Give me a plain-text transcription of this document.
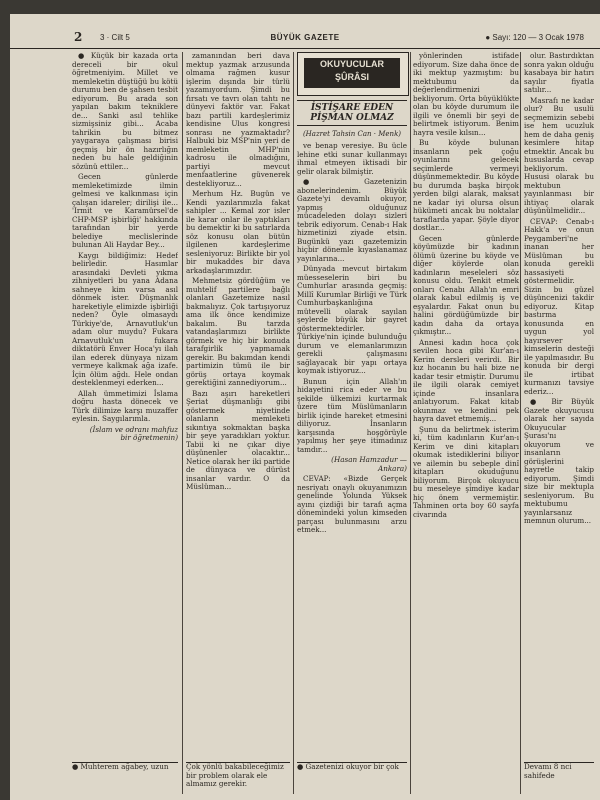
2 3 · Cilt 5	BÜYÜK GAZETE	● Sayı: 120 — 3 Ocak 1978

● Küçük bir kazada orta dereceli bir okul öğretmeniyim. Millet ve memleketin düştüğü bu kötü durumu ben de şahsen tesbit ediyorum. Bu arada son yapılan bakım tekniklere de... Sanki asıl tehlike sizmişsiniz gibi... Acaba tahrikin bu bitmez yaygaraya çalışması birisi geçmiş bir ön hazırlığın neden bu hale geldiğinin sözünü ettiler...

Gecen günlerde memleketimizde ilmin gelmesi ve kalkınması için çalışan idareler; dirilişi ile... 'Irmit ve Karamürsel'de CHP-MSP işbirliği' hakkında tarafından bir yerde belediye meclislerinde bulunan Ali Haydar Bey...

Kaygı bildiğimiz: Hedef belirledir. Hasımlar arasındaki Devleti yıkma zihniyetleri bu yana Adana sahneye kim varsa asıl dönmek ister. Düşmanlık hareketiyle elimizde işbirliği neden? Öyle olmasaydı Türkiye'de, Arnavutluk'un adam olur muydu? Fukara Arnavutluk'un fukara diktatörü Enver Hoca'yı ilah ilan ederek dünyaya nizam vermeye kalkmak ağa izafe. İçin ölüm ağdı. Hele ondan desteklenmeyi ederken...

Allah ümmetimizi İslama doğru hasta dönecek ve Türk dilimize karşı muzaffer eylesin. Saygılarımla.

(İslam ve odranı mahfuz bir öğretmenin)

zamanından beri dava mektup yazmak arzusunda olmama rağmen kusur işlerim dışında bir türlü yazamıyordum. Şimdi bu fırsatı ve tavrı olan tahtı ne dünyevi faktör var. Fakat bazı partili kardeşlerimiz kendisine Ulus kongresi sonrası ne yazmaktadır? Halbuki biz MSP'nin yeri de memleketin MHP'nin kadrosu ile olmadığını, partiyi mevcut menfaatlerine güvenerek destekliyoruz...

Merhum Hz. Bugün ve Kendi yazılarımızla fakat sahipler ... Kemal zor isler ile karar onlar ile yaptıkları bu demektir ki bu satırlarda söz konusu olan bütün ilgilenen kardeşlerime sesleniyoruz: Birlikte bir yol bir mukaddes bir dava arkadaşlarımızdır.

Mehmetsiz gördüğüm ve muhtelif partilere bağlı olanları Gazetemize nasıl bakmalıyız. Çok tartışıyoruz ama ilk önce kendimize bakalım. Bu tarzda vatandaşlarımızı birlikte görmek ve hiç bir konuda tarafgirlik yapmamak gerekir. Bu bakımdan kendi partimizin tümü ile bir görüş ortaya koymak gerektiğini zannediyorum...

Bazı aşırı hareketleri Şeriat düşmanlığı gibi göstermek niyetinde olanların memleketi sıkıntıya sokmaktan başka bir şeye yaradıkları yoktur. Tabii ki ne çıkar diye düşünenler olacaktır... Netice olarak her iki partide de dünyaca ve dürüst insanlar vardır. O da Müslüman...

OKUYUCULAR
ŞÛRÂSI
İSTİŞARE EDEN
PİŞMAN OLMAZ
(Hazret Tahsin Can · Menk)

ve benap veresiye. Bu ücle lehine etki sunar kullanmayı ihmal etmeyen iktisadi bir gelir olarak bilmiştir.

● Gazetenizin abonelerindenim. Büyük Gazete'yi devamlı okuyor, yapmış olduğunuz mücadeleden dolayı sizleri tebrik ediyorum. Cenab-ı Hak hizmetinizi ziyade etsin. Bugünkü yazı gazetemizin hiçbir dönemle kıyaslanamaz yayınlarına...

Dünyada mevcut birtakım müesseselerin biri bu Cumhurlar arasında geçmiş: Millî Kurumlar Birliği ve Türk Cumhurbaşkanlığına mütevelli olarak sayılan şeylerde büyük bir gayret göstermektedirler. Türkiye'nin içinde bulunduğu durum ve elemanlarımızın gerekli çalışmasını sağlayacak bir yapı ortaya koymak istiyoruz...

Bunun için Allah'ın hidayetini rica eder ve bu şekilde ülkemizi kurtarmak üzere tüm Müslümanların birlik içinde hareket etmesini diliyoruz. İnsanların karşısında hoşgörüyle yapılmış her şeye itimadınız tamdır...

(Hasan Hamzadur — Ankara)

CEVAP: «Bizde Gerçek nesriyatı onaylı okuyanımızın genelinde Yolunda Yüksek ayını çizdiği bir tarafı açma dönemindeki yolun kimseden parçası bulunmasını arzu etmek...

yönlerinden istifade ediyorum. Size daha önce de iki mektup yazmıştım: bu mektubumu da değerlendirmenizi bekliyorum. Orta büyüklükte olan bu köyde durumum ile ilgili ve önemli bir şeyi de belirtmek istiyorum. Benim hayra vesile kılsın...

Bu köyde bulunan insanların pek çoğu oyunlarını gelecek seçimlerde vermeyi düşünmemektedir. Bu köyde bu durumda başka birçok yerden bilgi alarak, maksat ne kadar iyi olursa olsun hükümeti ancak bu noktalar taraflarda yapar. Şöyle diyor dostlar...

Gecen günlerde köyümüzde bir kadının ölümü üzerine bu köyde ve diğer köylerde olan kadınların meseleleri söz konusu oldu. Tenkit etmek onları Cenabı Allah'ın emri olarak kabul edilmiş iş ve eşyalardır. Fakat onun bu halini gördüğümüzde bir kadın daha da ortaya çıkmıştır...

Annesi kadın hoca çok sevilen hoca gibi Kur'an-ı Kerim dersleri verirdi. Bir kız hocanın bu hali bize ne kadar tesir etmiştir. Durumu ile ilgili olarak cemiyet içinde insanlara anlatıyorum. Fakat kitab okunmaz ve kendini pek hayra davet etmemiş...

Şunu da belirtmek isterim ki, tüm kadınların Kur'an-ı Kerim ve dini kitapları okumak istediklerini biliyor ve ailemin bu sebeple dinî kitapları okuduğunu biliyorum. Birçok okuyucu bu meseleye şimdiye kadar hiç önem vermemiştir. Tahminen orta boy 60 sayfa civarında

olur. Bastırdıktan sonra yakın olduğu kasabaya bir hatırı sayılır fiyatla satılır...

Masrafı ne kadar olur? Bu usulü seçmemizin sebebi ise hem ucuzluk hem de daha geniş kesimlere hitap etmektir. Ancak bu hususlarda cevap bekliyorum. Hususi olarak bu mektubun yayınlanması bir ihtiyaç olarak düşünülmelidir...

CEVAP: Cenab-ı Hakk'a ve onun Peygamberi'ne inanan her Müslüman bu konuda gerekli hassasiyeti göstermelidir. Sizin bu güzel düşüncenizi takdir ediyoruz. Kitap bastırma konusunda en uygun yol hayırsever kimselerin desteği ile yapılmasıdır. Bu konuda bir dergi ile irtibat kurmanızı tavsiye ederiz...

● Bir Büyük Gazete okuyucusu olarak her sayıda Okuyucular Şurası'nı okuyorum ve insanların görüşlerini hayretle takip ediyorum. Şimdi size bir mektupla sesleniyorum. Bu mektubumu yayınlarsanız memnun olurum...

● Muhterem ağabey, uzun	Çok yönlü bakabileceğimiz bir problem olarak ele almamız gerekir.
● Gazetenizi okuyor bir çok	Devamı 8 nci sahifede
